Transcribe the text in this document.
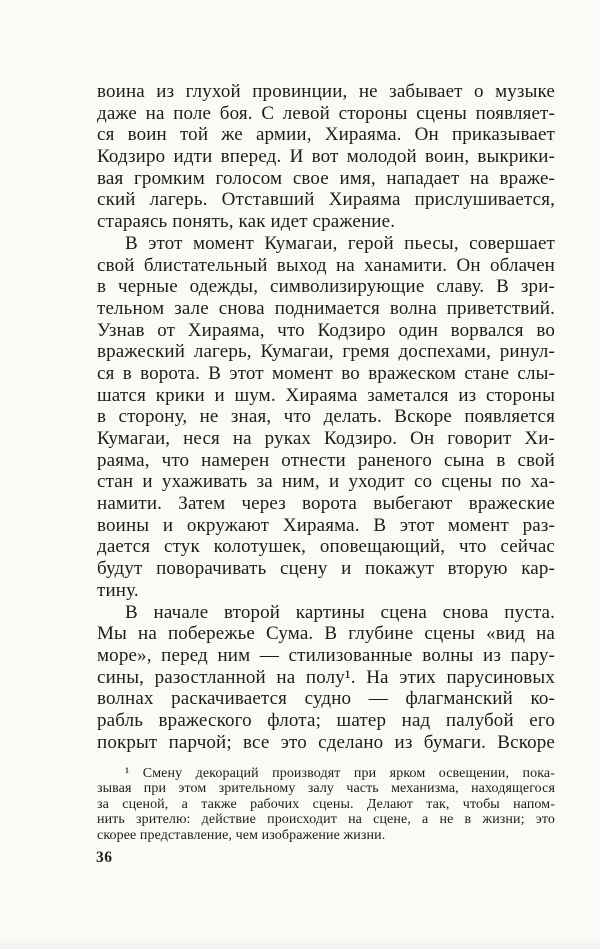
воина из глухой провинции, не забывает о музыке
даже на поле боя. С левой стороны сцены появляет-
ся воин той же армии, Хираяма. Он приказывает
Кодзиро идти вперед. И вот молодой воин, выкрики-
вая громким голосом свое имя, нападает на враже-
ский лагерь. Отставший Хираяма прислушивается,
стараясь понять, как идет сражение.
В этот момент Кумагаи, герой пьесы, совершает
свой блистательный выход на ханамити. Он облачен
в черные одежды, символизирующие славу. В зри-
тельном зале снова поднимается волна приветствий.
Узнав от Хираяма, что Кодзиро один ворвался во
вражеский лагерь, Кумагаи, гремя доспехами, ринул-
ся в ворота. В этот момент во вражеском стане слы-
шатся крики и шум. Хираяма заметался из стороны
в сторону, не зная, что делать. Вскоре появляется
Кумагаи, неся на руках Кодзиро. Он говорит Хи-
раяма, что намерен отнести раненого сына в свой
стан и ухаживать за ним, и уходит со сцены по ха-
намити. Затем через ворота выбегают вражеские
воины и окружают Хираяма. В этот момент раз-
дается стук колотушек, оповещающий, что сейчас
будут поворачивать сцену и покажут вторую кар-
тину.
В начале второй картины сцена снова пуста.
Мы на побережье Сума. В глубине сцены «вид на
море», перед ним — стилизованные волны из пару-
сины, разостланной на полу¹. На этих парусиновых
волнах раскачивается судно — флагманский ко-
рабль вражеского флота; шатер над палубой его
покрыт парчой; все это сделано из бумаги. Вскоре
¹ Смену декораций производят при ярком освещении, пока-
зывая при этом зрительному залу часть механизма, находящегося
за сценой, а также рабочих сцены. Делают так, чтобы напом-
нить зрителю: действие происходит на сцене, а не в жизни; это
скорее представление, чем изображение жизни.
36
